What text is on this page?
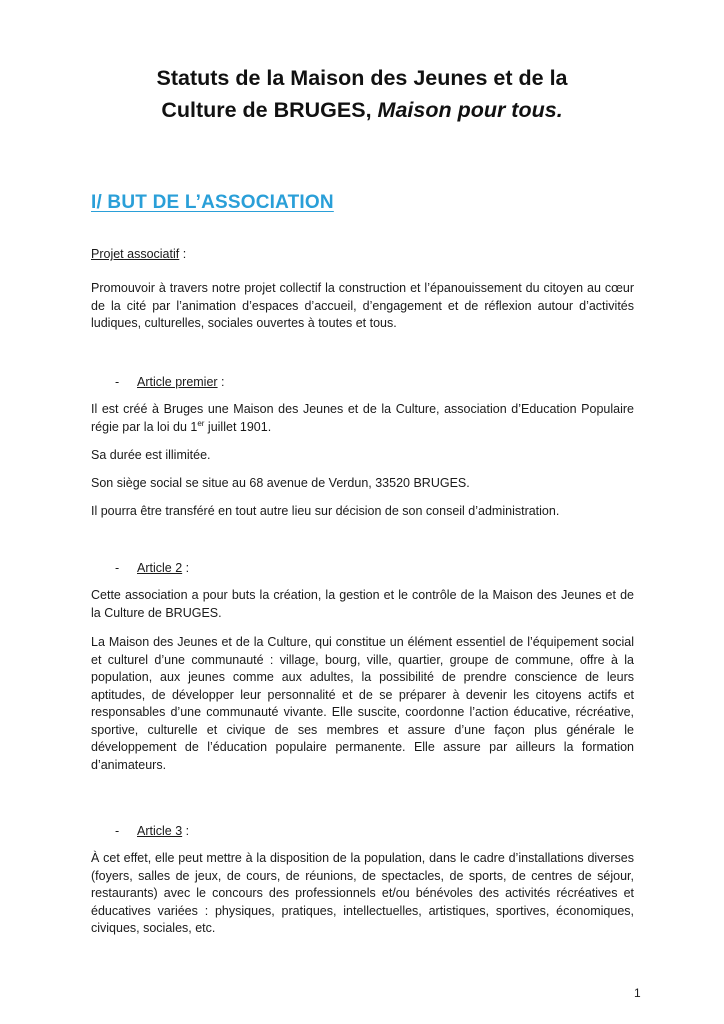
Statuts de la Maison des Jeunes et de la
Culture de BRUGES, Maison pour tous.
I/ BUT DE L’ASSOCIATION
Projet associatif :
Promouvoir à travers notre projet collectif la construction et l’épanouissement du citoyen au cœur de la cité par l’animation d’espaces d’accueil, d’engagement et de réflexion autour d’activités ludiques, culturelles, sociales ouvertes à toutes et tous.
- Article premier :
Il est créé à Bruges une Maison des Jeunes et de la Culture, association d’Education Populaire régie par la loi du 1er juillet 1901.
Sa durée est illimitée.
Son siège social se situe au 68 avenue de Verdun, 33520 BRUGES.
Il pourra être transféré en tout autre lieu sur décision de son conseil d’administration.
- Article 2 :
Cette association a pour buts la création, la gestion et le contrôle de la Maison des Jeunes et de la Culture de BRUGES.
La Maison des Jeunes et de la Culture, qui constitue un élément essentiel de l’équipement social et culturel d’une communauté : village, bourg, ville, quartier, groupe de commune, offre à la population, aux jeunes comme aux adultes, la possibilité de prendre conscience de leurs aptitudes, de développer leur personnalité et de se préparer à devenir les citoyens actifs et responsables d’une communauté vivante. Elle suscite, coordonne l’action éducative, récréative, sportive, culturelle et civique de ses membres et assure d’une façon plus générale le développement de l’éducation populaire permanente. Elle assure par ailleurs la formation d’animateurs.
- Article 3 :
À cet effet, elle peut mettre à la disposition de la population, dans le cadre d’installations diverses (foyers, salles de jeux, de cours, de réunions, de spectacles, de sports, de centres de séjour, restaurants) avec le concours des professionnels et/ou bénévoles des activités récréatives et éducatives variées : physiques, pratiques, intellectuelles, artistiques, sportives, économiques, civiques, sociales, etc.
1
